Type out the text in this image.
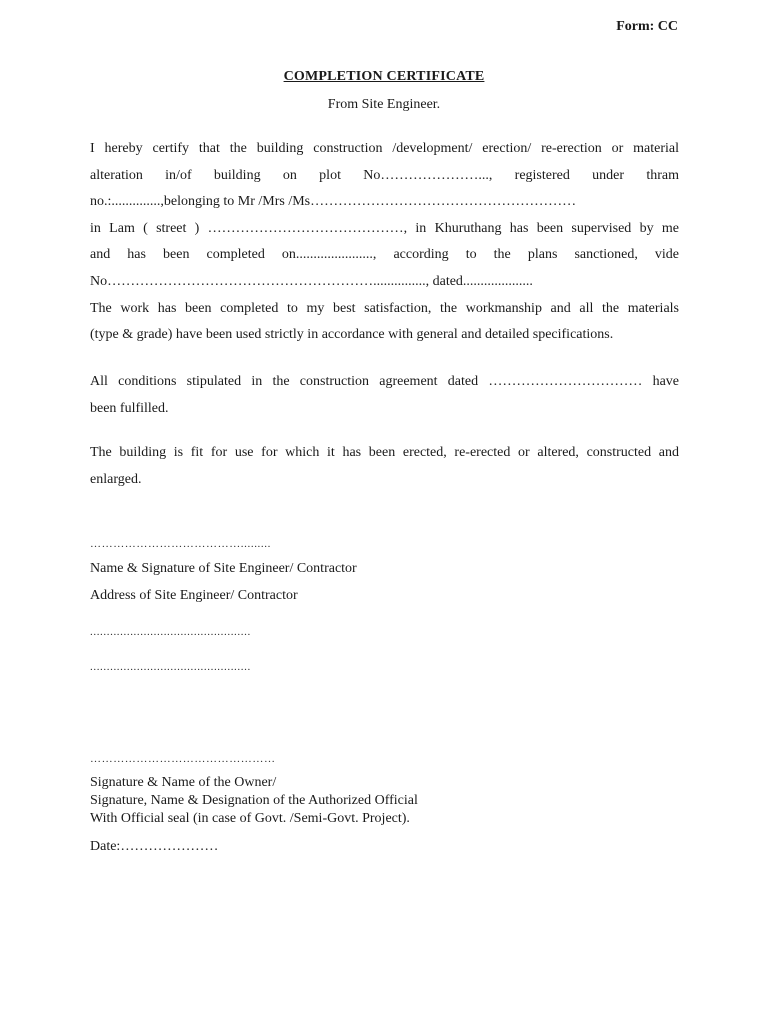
Form: CC
COMPLETION CERTIFICATE
From Site Engineer.
I hereby certify that the building construction /development/ erection/ re-erection or material
alteration in/of building on plot No…………………..., registered under thram
no.:..............,belonging to Mr /Mrs /Ms…………………………………………………
in Lam ( street ) ……………………………………, in Khuruthang has been supervised by me
and has been completed on......................, according to the plans sanctioned, vide
No…………………………………………………..............., dated....................
The work has been completed to my best satisfaction, the workmanship and all the materials
(type & grade) have been used strictly in accordance with general and detailed specifications.
All conditions stipulated in the construction agreement dated …………………………… have
been fulfilled.
The building is fit for use for which it has been erected, re-erected or altered, constructed and
enlarged.
………………………………….........
Name & Signature of Site Engineer/ Contractor
Address of Site Engineer/ Contractor
................................................
................................................
…………………………………………
Signature & Name of the Owner/
Signature, Name & Designation of the Authorized Official
With Official seal (in case of Govt. /Semi-Govt. Project).
Date:…………………
